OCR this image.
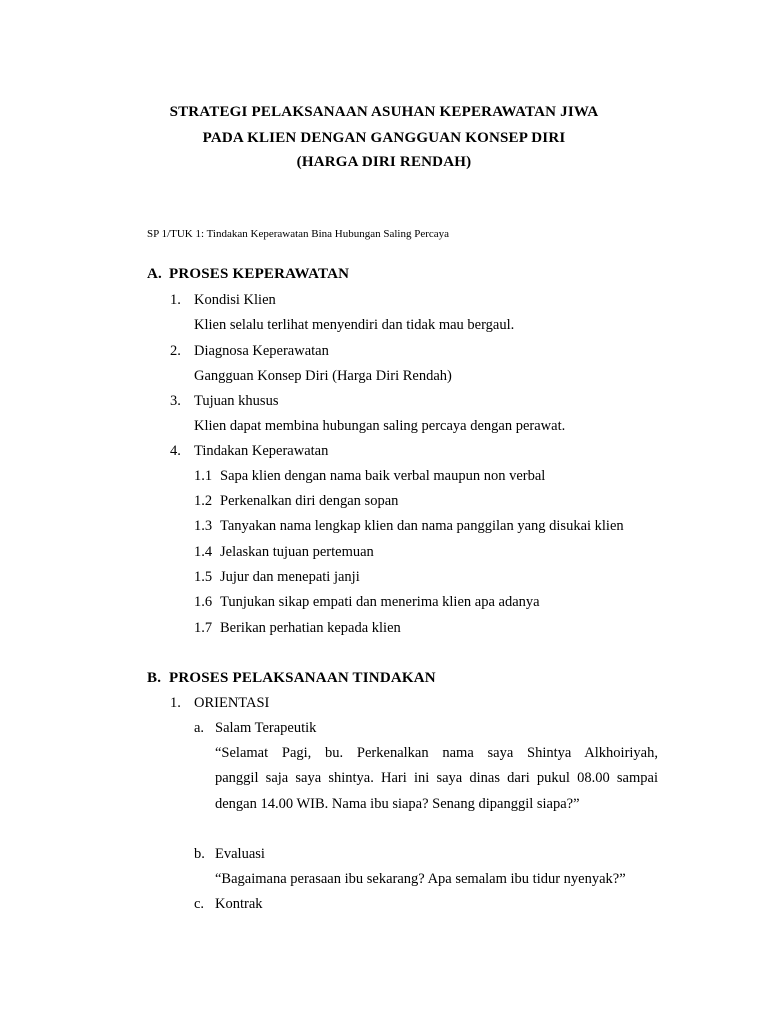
STRATEGI PELAKSANAAN ASUHAN KEPERAWATAN JIWA
PADA KLIEN DENGAN GANGGUAN KONSEP DIRI
(HARGA DIRI RENDAH)
SP 1/TUK 1: Tindakan Keperawatan Bina Hubungan Saling Percaya
A. PROSES KEPERAWATAN
1. Kondisi Klien
Klien selalu terlihat menyendiri dan tidak mau bergaul.
2. Diagnosa Keperawatan
Gangguan Konsep Diri (Harga Diri Rendah)
3. Tujuan khusus
Klien dapat membina hubungan saling percaya dengan perawat.
4. Tindakan Keperawatan
1.1 Sapa klien dengan nama baik verbal maupun non verbal
1.2 Perkenalkan diri dengan sopan
1.3 Tanyakan nama lengkap klien dan nama panggilan yang disukai klien
1.4 Jelaskan tujuan pertemuan
1.5 Jujur dan menepati janji
1.6 Tunjukan sikap empati dan menerima klien apa adanya
1.7 Berikan perhatian kepada klien
B. PROSES PELAKSANAAN TINDAKAN
1. ORIENTASI
a. Salam Terapeutik
“Selamat Pagi, bu. Perkenalkan nama saya Shintya Alkhoiriyah,
panggil saja saya shintya. Hari ini saya dinas dari pukul 08.00 sampai
dengan 14.00 WIB. Nama ibu siapa? Senang dipanggil siapa?”
b. Evaluasi
“Bagaimana perasaan ibu sekarang? Apa semalam ibu tidur nyenyak?”
c. Kontrak
